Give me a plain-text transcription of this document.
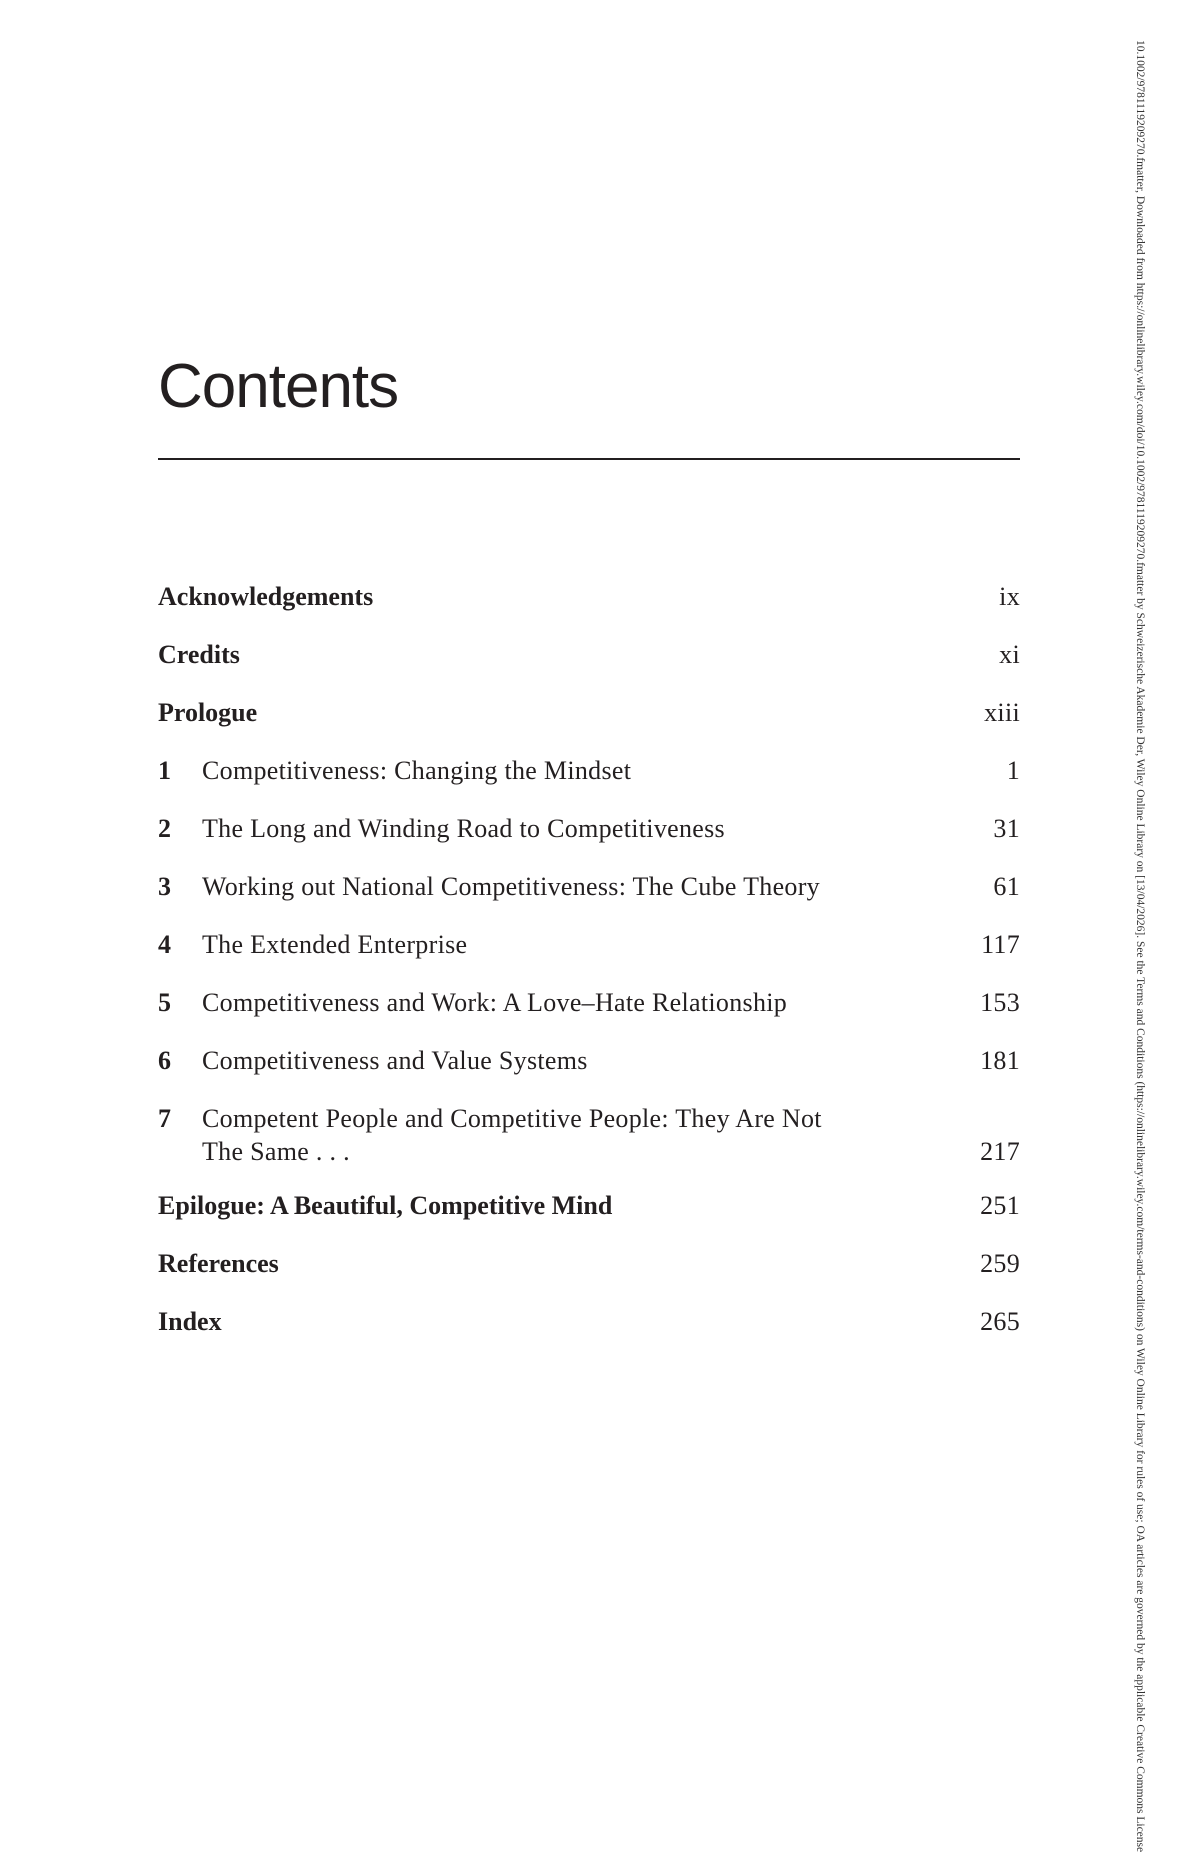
Contents
Acknowledgements	ix
Credits	xi
Prologue	xiii
1	Competitiveness: Changing the Mindset	1
2	The Long and Winding Road to Competitiveness	31
3	Working out National Competitiveness: The Cube Theory	61
4	The Extended Enterprise	117
5	Competitiveness and Work: A Love–Hate Relationship	153
6	Competitiveness and Value Systems	181
7	Competent People and Competitive People: They Are Not The Same . . .	217
Epilogue: A Beautiful, Competitive Mind	251
References	259
Index	265	10.1002/9781119209270.fmatter, Downloaded from https://onlinelibrary.wiley.com/doi/10.1002/9781119209270.fmatter by Schweizerische Akademie Der, Wiley Online Library on [13/04/2026]. See the Terms and Conditions (https://onlinelibrary.wiley.com/terms-and-conditions) on Wiley Online Library for rules of use; OA articles are governed by the applicable Creative Commons License
